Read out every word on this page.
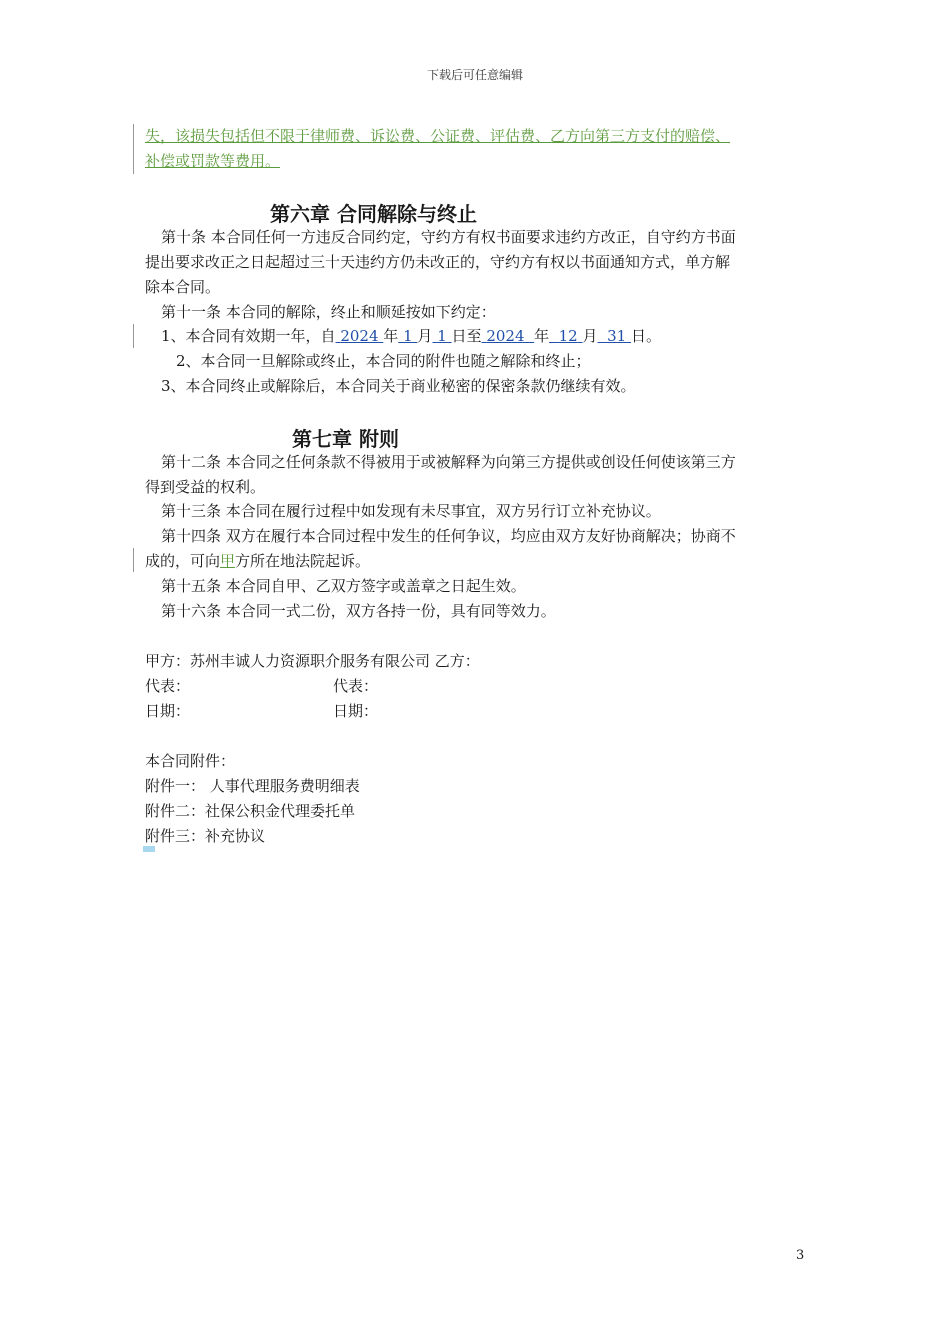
下载后可任意编辑
失，该损失包括但不限于律师费、诉讼费、公证费、评估费、乙方向第三方支付的赔偿、
补偿或罚款等费用。
第六章 合同解除与终止
第十条 本合同任何一方违反合同约定，守约方有权书面要求违约方改正，自守约方书面
提出要求改正之日起超过三十天违约方仍未改正的，守约方有权以书面通知方式，单方解
除本合同。
第十一条 本合同的解除，终止和顺延按如下约定：
1、本合同有效期一年，自 2024 年 1 月 1 日至 2024 年 12 月 31 日。
2、本合同一旦解除或终止，本合同的附件也随之解除和终止；
3、本合同终止或解除后，本合同关于商业秘密的保密条款仍继续有效。
第七章 附则
第十二条 本合同之任何条款不得被用于或被解释为向第三方提供或创设任何使该第三方
得到受益的权利。
第十三条 本合同在履行过程中如发现有未尽事宜，双方另行订立补充协议。
第十四条 双方在履行本合同过程中发生的任何争议，均应由双方友好协商解决；协商不
成的，可向甲方所在地法院起诉。
第十五条 本合同自甲、乙双方签字或盖章之日起生效。
第十六条 本合同一式二份，双方各持一份，具有同等效力。
甲方：苏州丰诚人力资源职介服务有限公司 乙方：
代表：	代表：
日期：	日期：
本合同附件：
附件一： 人事代理服务费明细表
附件二：社保公积金代理委托单
附件三：补充协议
3
